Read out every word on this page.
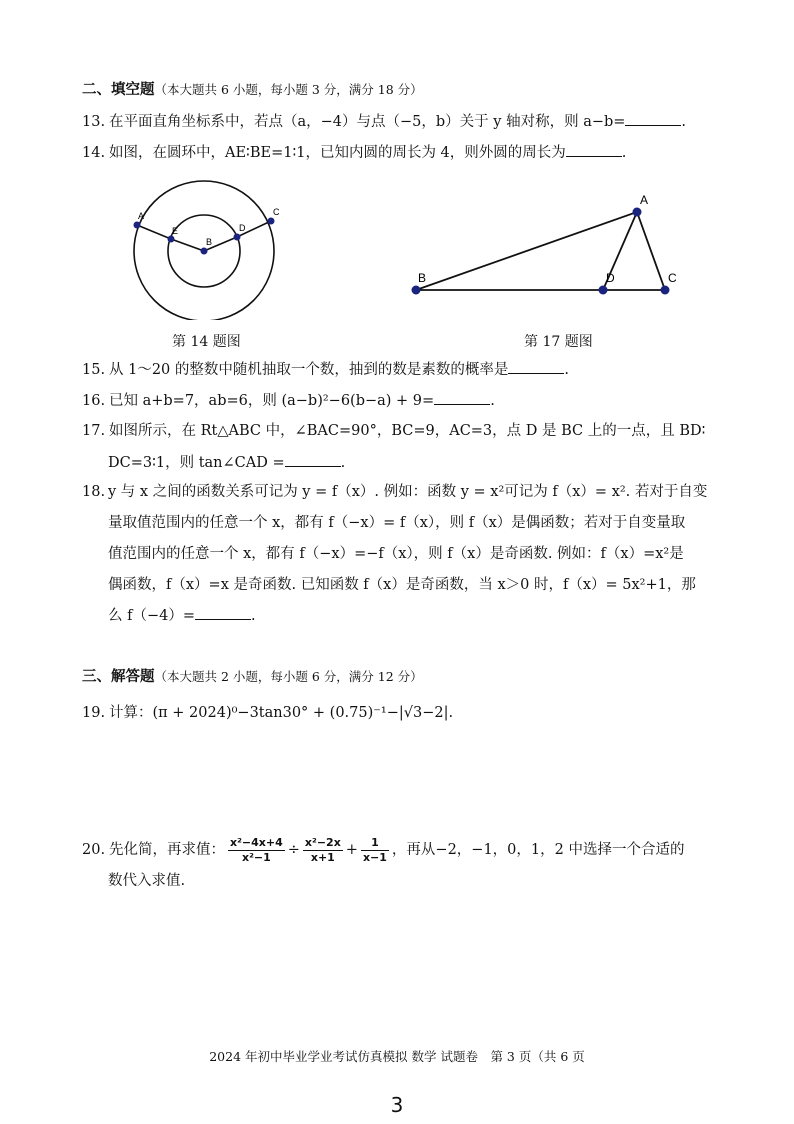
二、填空题（本大题共 6 小题，每小题 3 分，满分 18 分）
13. 在平面直角坐标系中，若点（a，−4）与点（−5，b）关于 y 轴对称，则 a−b=	.
14. 如图，在圆环中，AE∶BE=1∶1，已知内圆的周长为 4，则外圆的周长为	.
A
E
B
D
C
第 14 题图
A
B	D	C
第 17 题图
15. 从 1～20 的整数中随机抽取一个数，抽到的数是素数的概率是	.
16. 已知 a+b=7，ab=6，则 (a−b)²−6(b−a) + 9=	.
17. 如图所示，在 Rt△ABC 中，∠BAC=90°，BC=9，AC=3，点 D 是 BC 上的一点，且 BD∶
DC=3∶1，则 tan∠CAD =	.
18. y 与 x 之间的函数关系可记为 y = f（x）. 例如：函数 y = x²可记为 f（x）= x². 若对于自变
量取值范围内的任意一个 x，都有 f（−x）= f（x），则 f（x）是偶函数；若对于自变量取
值范围内的任意一个 x，都有 f（−x）=−f（x），则 f（x）是奇函数. 例如：f（x）=x²是
偶函数，f（x）=x 是奇函数. 已知函数 f（x）是奇函数，当 x＞0 时，f（x）= 5x²+1，那
么 f（−4）=	.
三、解答题（本大题共 2 小题，每小题 6 分，满分 12 分）
19. 计算：(π + 2024)⁰−3tan30° + (0.75)⁻¹−|√3−2|.
20. 先化简，再求值： $\frac{\text{x²−4x+4}}{\text{x²−1}} \div \frac{\text{x²−2x}}{x+1} + \frac{1}{x-1}$ ，再从−2，−1，0，1，2 中选择一个合适的
数代入求值.
2024 年初中毕业学业考试仿真模拟 数学 试题卷　第 3 页（共 6 页
3
